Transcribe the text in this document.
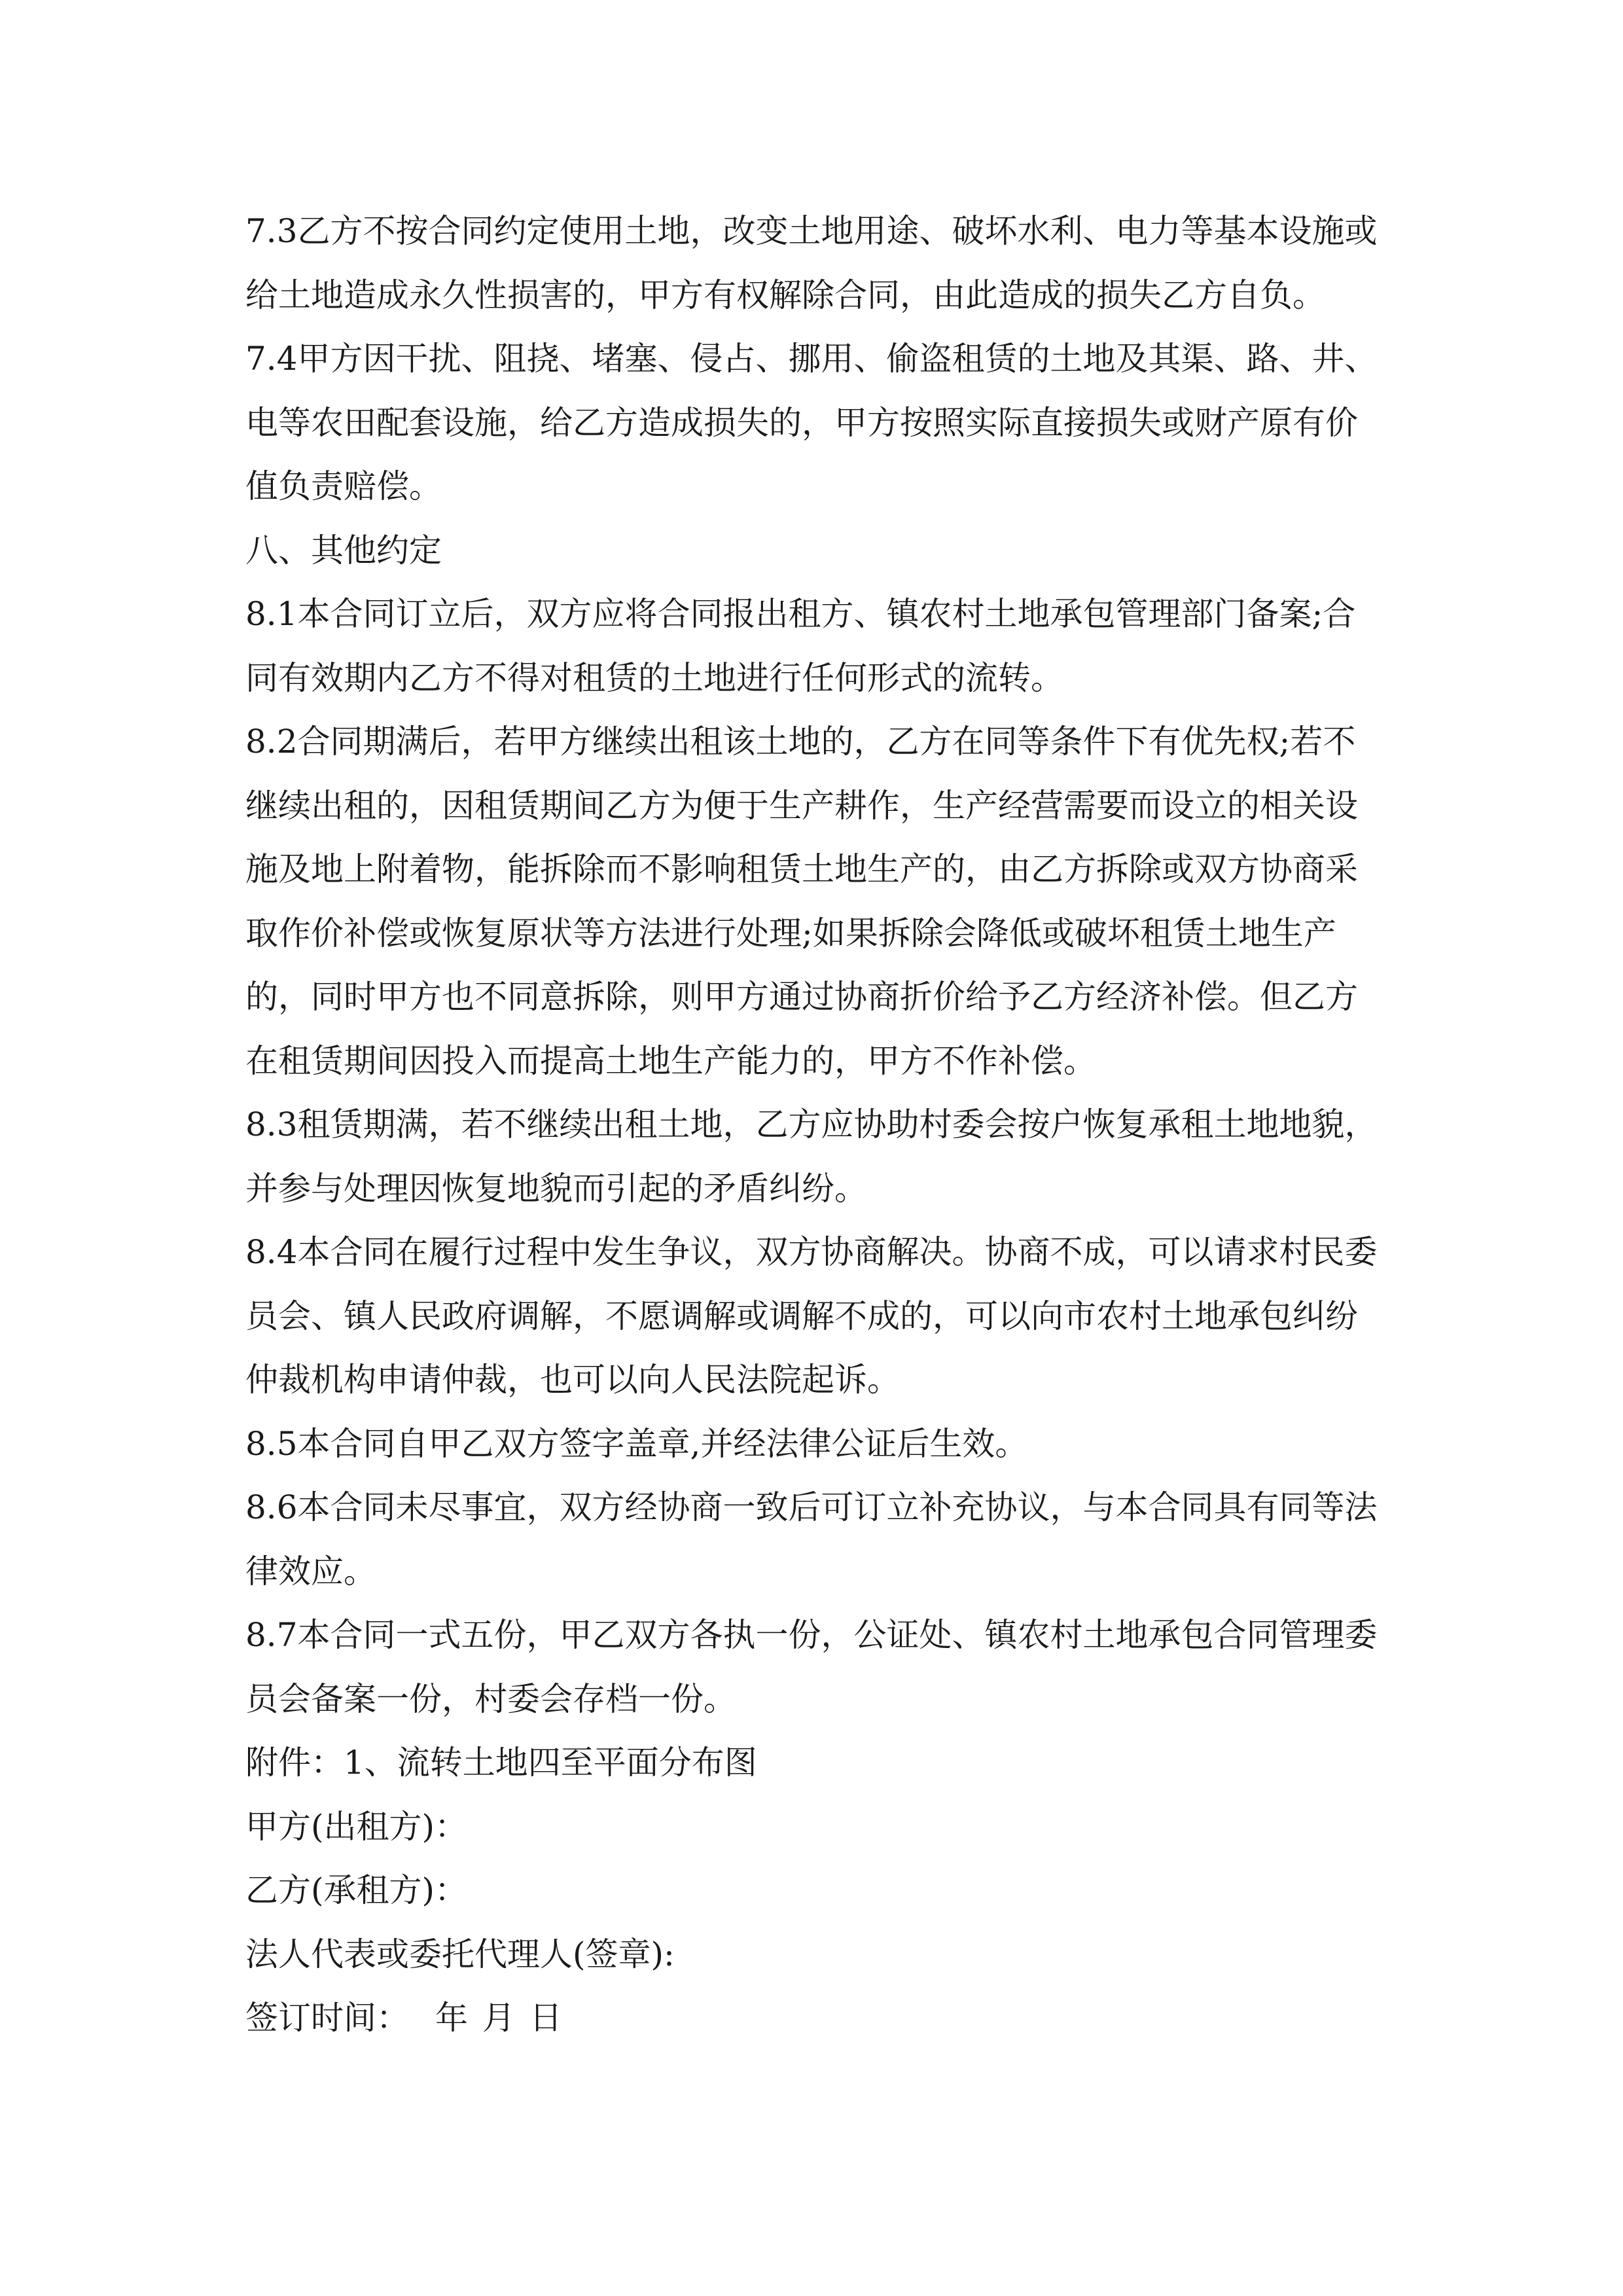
7.3乙方不按合同约定使用土地，改变土地用途、破坏水利、电力等基本设施或给土地造成永久性损害的，甲方有权解除合同，由此造成的损失乙方自负。

7.4甲方因干扰、阻挠、堵塞、侵占、挪用、偷盗租赁的土地及其渠、路、井、电等农田配套设施，给乙方造成损失的，甲方按照实际直接损失或财产原有价值负责赔偿。

八、其他约定

8.1本合同订立后，双方应将合同报出租方、镇农村土地承包管理部门备案;合同有效期内乙方不得对租赁的土地进行任何形式的流转。

8.2合同期满后，若甲方继续出租该土地的，乙方在同等条件下有优先权;若不继续出租的，因租赁期间乙方为便于生产耕作，生产经营需要而设立的相关设施及地上附着物，能拆除而不影响租赁土地生产的，由乙方拆除或双方协商采取作价补偿或恢复原状等方法进行处理;如果拆除会降低或破坏租赁土地生产的，同时甲方也不同意拆除，则甲方通过协商折价给予乙方经济补偿。但乙方在租赁期间因投入而提高土地生产能力的，甲方不作补偿。

8.3租赁期满，若不继续出租土地，乙方应协助村委会按户恢复承租土地地貌，并参与处理因恢复地貌而引起的矛盾纠纷。

8.4本合同在履行过程中发生争议，双方协商解决。协商不成，可以请求村民委员会、镇人民政府调解，不愿调解或调解不成的，可以向市农村土地承包纠纷仲裁机构申请仲裁，也可以向人民法院起诉。

8.5本合同自甲乙双方签字盖章,并经法律公证后生效。

8.6本合同未尽事宜，双方经协商一致后可订立补充协议，与本合同具有同等法律效应。

8.7本合同一式五份，甲乙双方各执一份，公证处、镇农村土地承包合同管理委员会备案一份，村委会存档一份。

附件：1、流转土地四至平面分布图

甲方(出租方)：

乙方(承租方)：

法人代表或委托代理人(签章):

签订时间： 年 月 日
